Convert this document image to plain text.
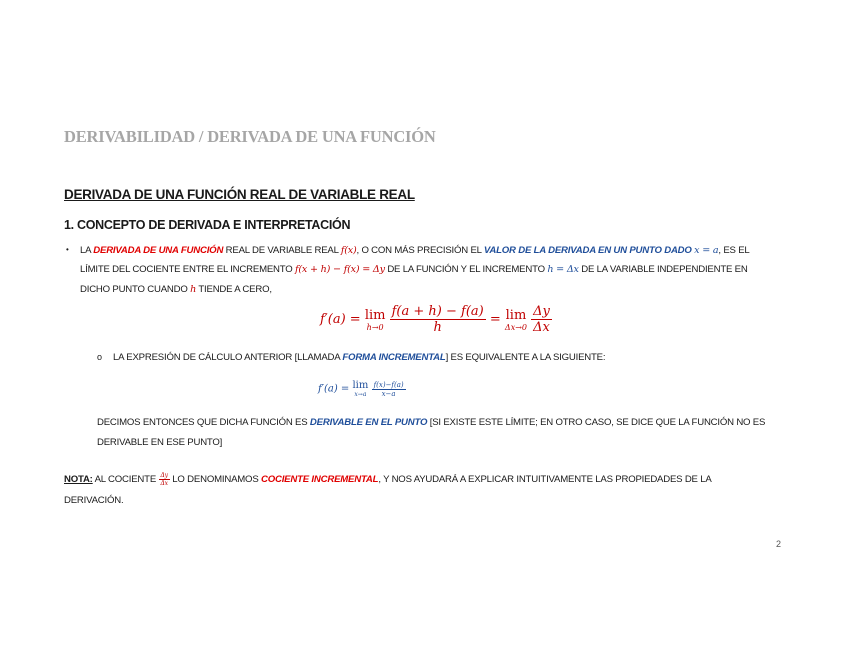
DERIVABILIDAD / DERIVADA DE UNA FUNCIÓN
DERIVADA DE UNA FUNCIÓN REAL DE VARIABLE REAL
1. CONCEPTO DE DERIVADA E INTERPRETACIÓN
• LA DERIVADA DE UNA FUNCIÓN REAL DE VARIABLE REAL f(x), O CON MÁS PRECISIÓN EL VALOR DE LA DERIVADA EN UN PUNTO DADO x = a, ES EL
LÍMITE DEL COCIENTE ENTRE EL INCREMENTO f(x + h) − f(x) = Δy DE LA FUNCIÓN Y EL INCREMENTO h = Δx DE LA VARIABLE INDEPENDIENTE EN
DICHO PUNTO CUANDO h TIENDE A CERO,
f′(a) = lim
h→0
$\frac{f(a + h) - f(a)}{h} = \lim$
Δx→0
$\frac{\Delta y}{\Delta x}$
o LA EXPRESIÓN DE CÁLCULO ANTERIOR [LLAMADA FORMA INCREMENTAL] ES EQUIVALENTE A LA SIGUIENTE:
f′(a) = lim
x→a
$\frac{f(x)-f(a)}{x-a}$
DECIMOS ENTONCES QUE DICHA FUNCIÓN ES DERIVABLE EN EL PUNTO [SI EXISTE ESTE LÍMITE; EN OTRO CASO, SE DICE QUE LA FUNCIÓN NO ES
DERIVABLE EN ESE PUNTO]
NOTA: AL COCIENTE $\frac{\Delta y}{\Delta x}$ LO DENOMINAMOS COCIENTE INCREMENTAL, Y NOS AYUDARÁ A EXPLICAR INTUITIVAMENTE LAS PROPIEDADES DE LA
DERIVACIÓN.
2
